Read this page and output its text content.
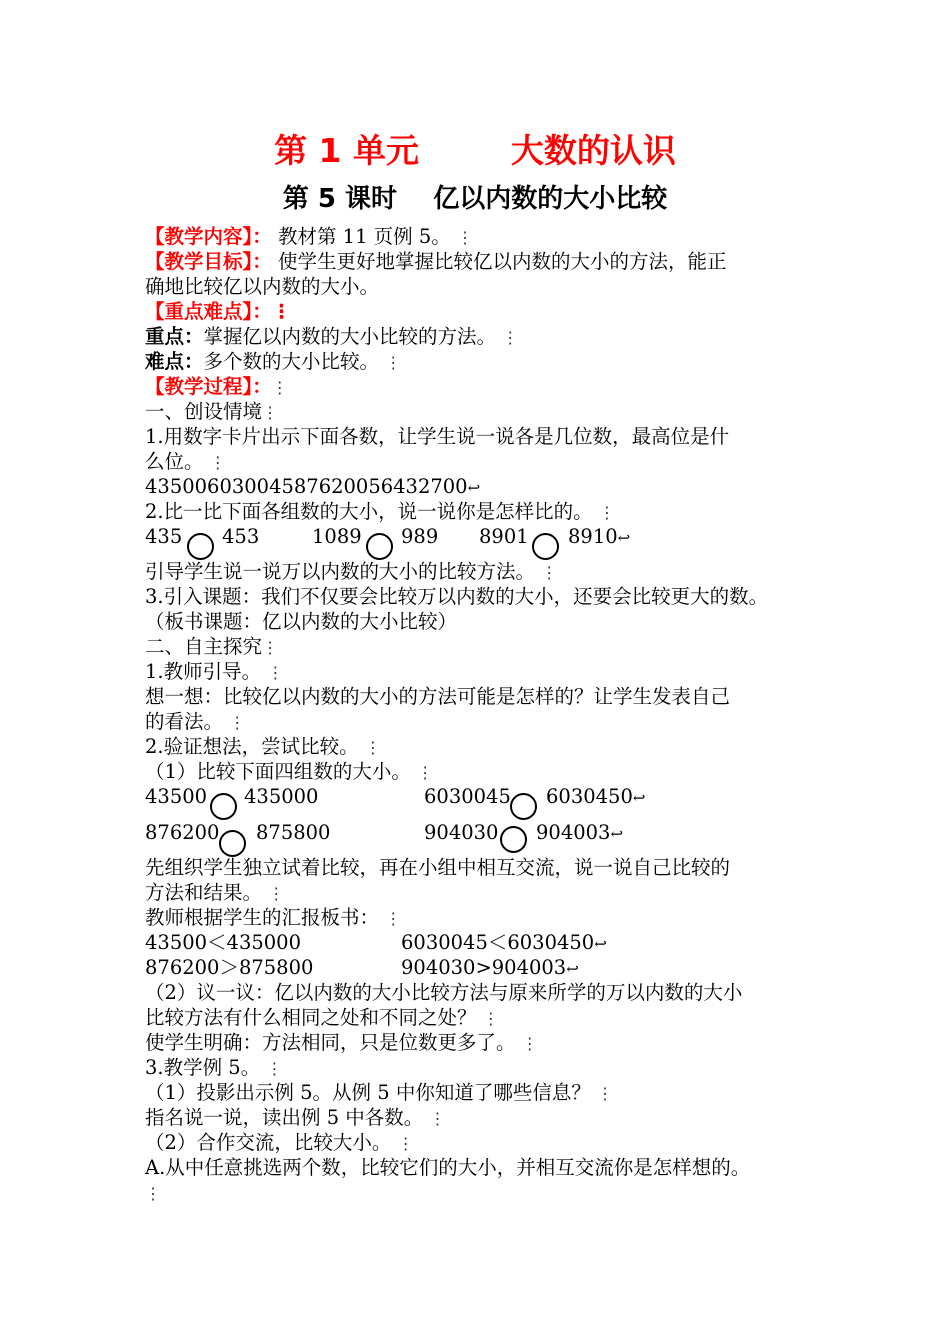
第 1 单元        大数的认识
第 5 课时    亿以内数的大小比较
【教学内容】： 教材第 11 页例 5。 ⋮
【教学目标】： 使学生更好地掌握比较亿以内数的大小的方法，能正
确地比较亿以内数的大小。
【重点难点】：⋮
重点：掌握亿以内数的大小比较的方法。 ⋮
难点：多个数的大小比较。 ⋮
【教学过程】：⋮
一、创设情境⋮
1.用数字卡片出示下面各数，让学生说一说各是几位数，最高位是什
么位。 ⋮
43500603004587620056432700↩
2.比一比下面各组数的大小，说一说你是怎样比的。 ⋮
435 453	1089 989 8901 8910↩
引导学生说一说万以内数的大小的比较方法。 ⋮
3.引入课题：我们不仅要会比较万以内数的大小，还要会比较更大的数。
（板书课题：亿以内数的大小比较）
二、自主探究⋮
1.教师引导。 ⋮
想一想：比较亿以内数的大小的方法可能是怎样的？让学生发表自己
的看法。 ⋮
2.验证想法，尝试比较。 ⋮
（1）比较下面四组数的大小。 ⋮
43500 435000	6030045 6030450↩
876200 875800	904030 904003↩
先组织学生独立试着比较，再在小组中相互交流，说一说自己比较的
方法和结果。 ⋮
教师根据学生的汇报板书： ⋮
43500＜435000	6030045＜6030450↩
876200＞875800	904030>904003↩
（2）议一议：亿以内数的大小比较方法与原来所学的万以内数的大小
比较方法有什么相同之处和不同之处？ ⋮
使学生明确：方法相同，只是位数更多了。 ⋮
3.教学例 5。 ⋮
（1）投影出示例 5。从例 5 中你知道了哪些信息？ ⋮
指名说一说，读出例 5 中各数。 ⋮
（2）合作交流，比较大小。 ⋮
A.从中任意挑选两个数，比较它们的大小，并相互交流你是怎样想的。
⋮
